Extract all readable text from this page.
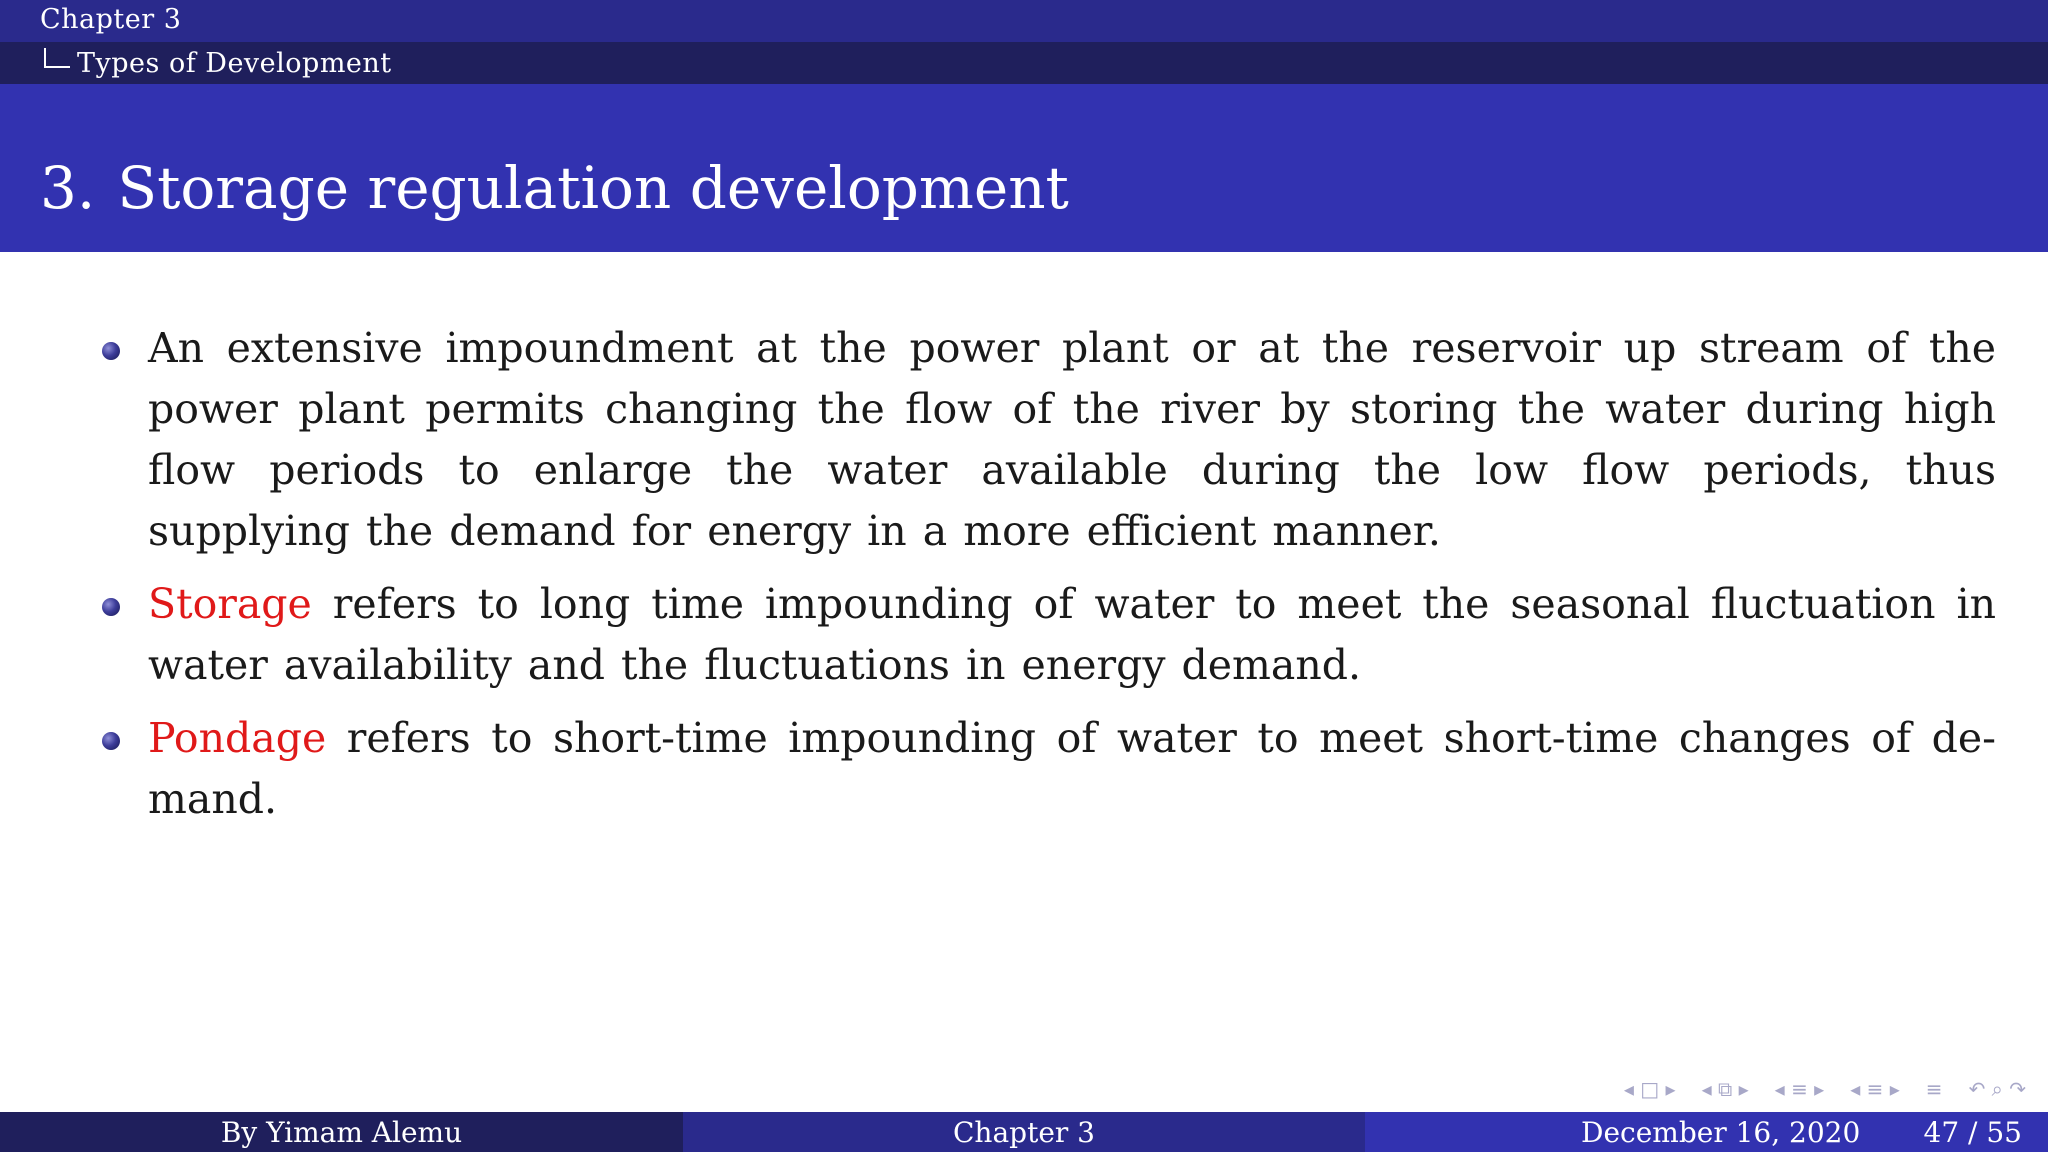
Chapter 3
Types of Development
3. Storage regulation development
An extensive impoundment at the power plant or at the reservoir up stream of the power plant permits changing the flow of the river by storing the water during high flow periods to enlarge the water available during the low flow periods, thus supplying the demand for energy in a more efficient manner.
Storage refers to long time impounding of water to meet the seasonal fluctuation in water availability and the fluctuations in energy demand.
Pondage refers to short-time impounding of water to meet short-time changes of de- mand.
◂ □ ▸ ◂ ⧉ ▸ ◂ ≡ ▸ ◂ ≡ ▸ ≡ ↶ ⌕ ↷
By Yimam Alemu	Chapter 3	December 16, 2020 47 / 55
